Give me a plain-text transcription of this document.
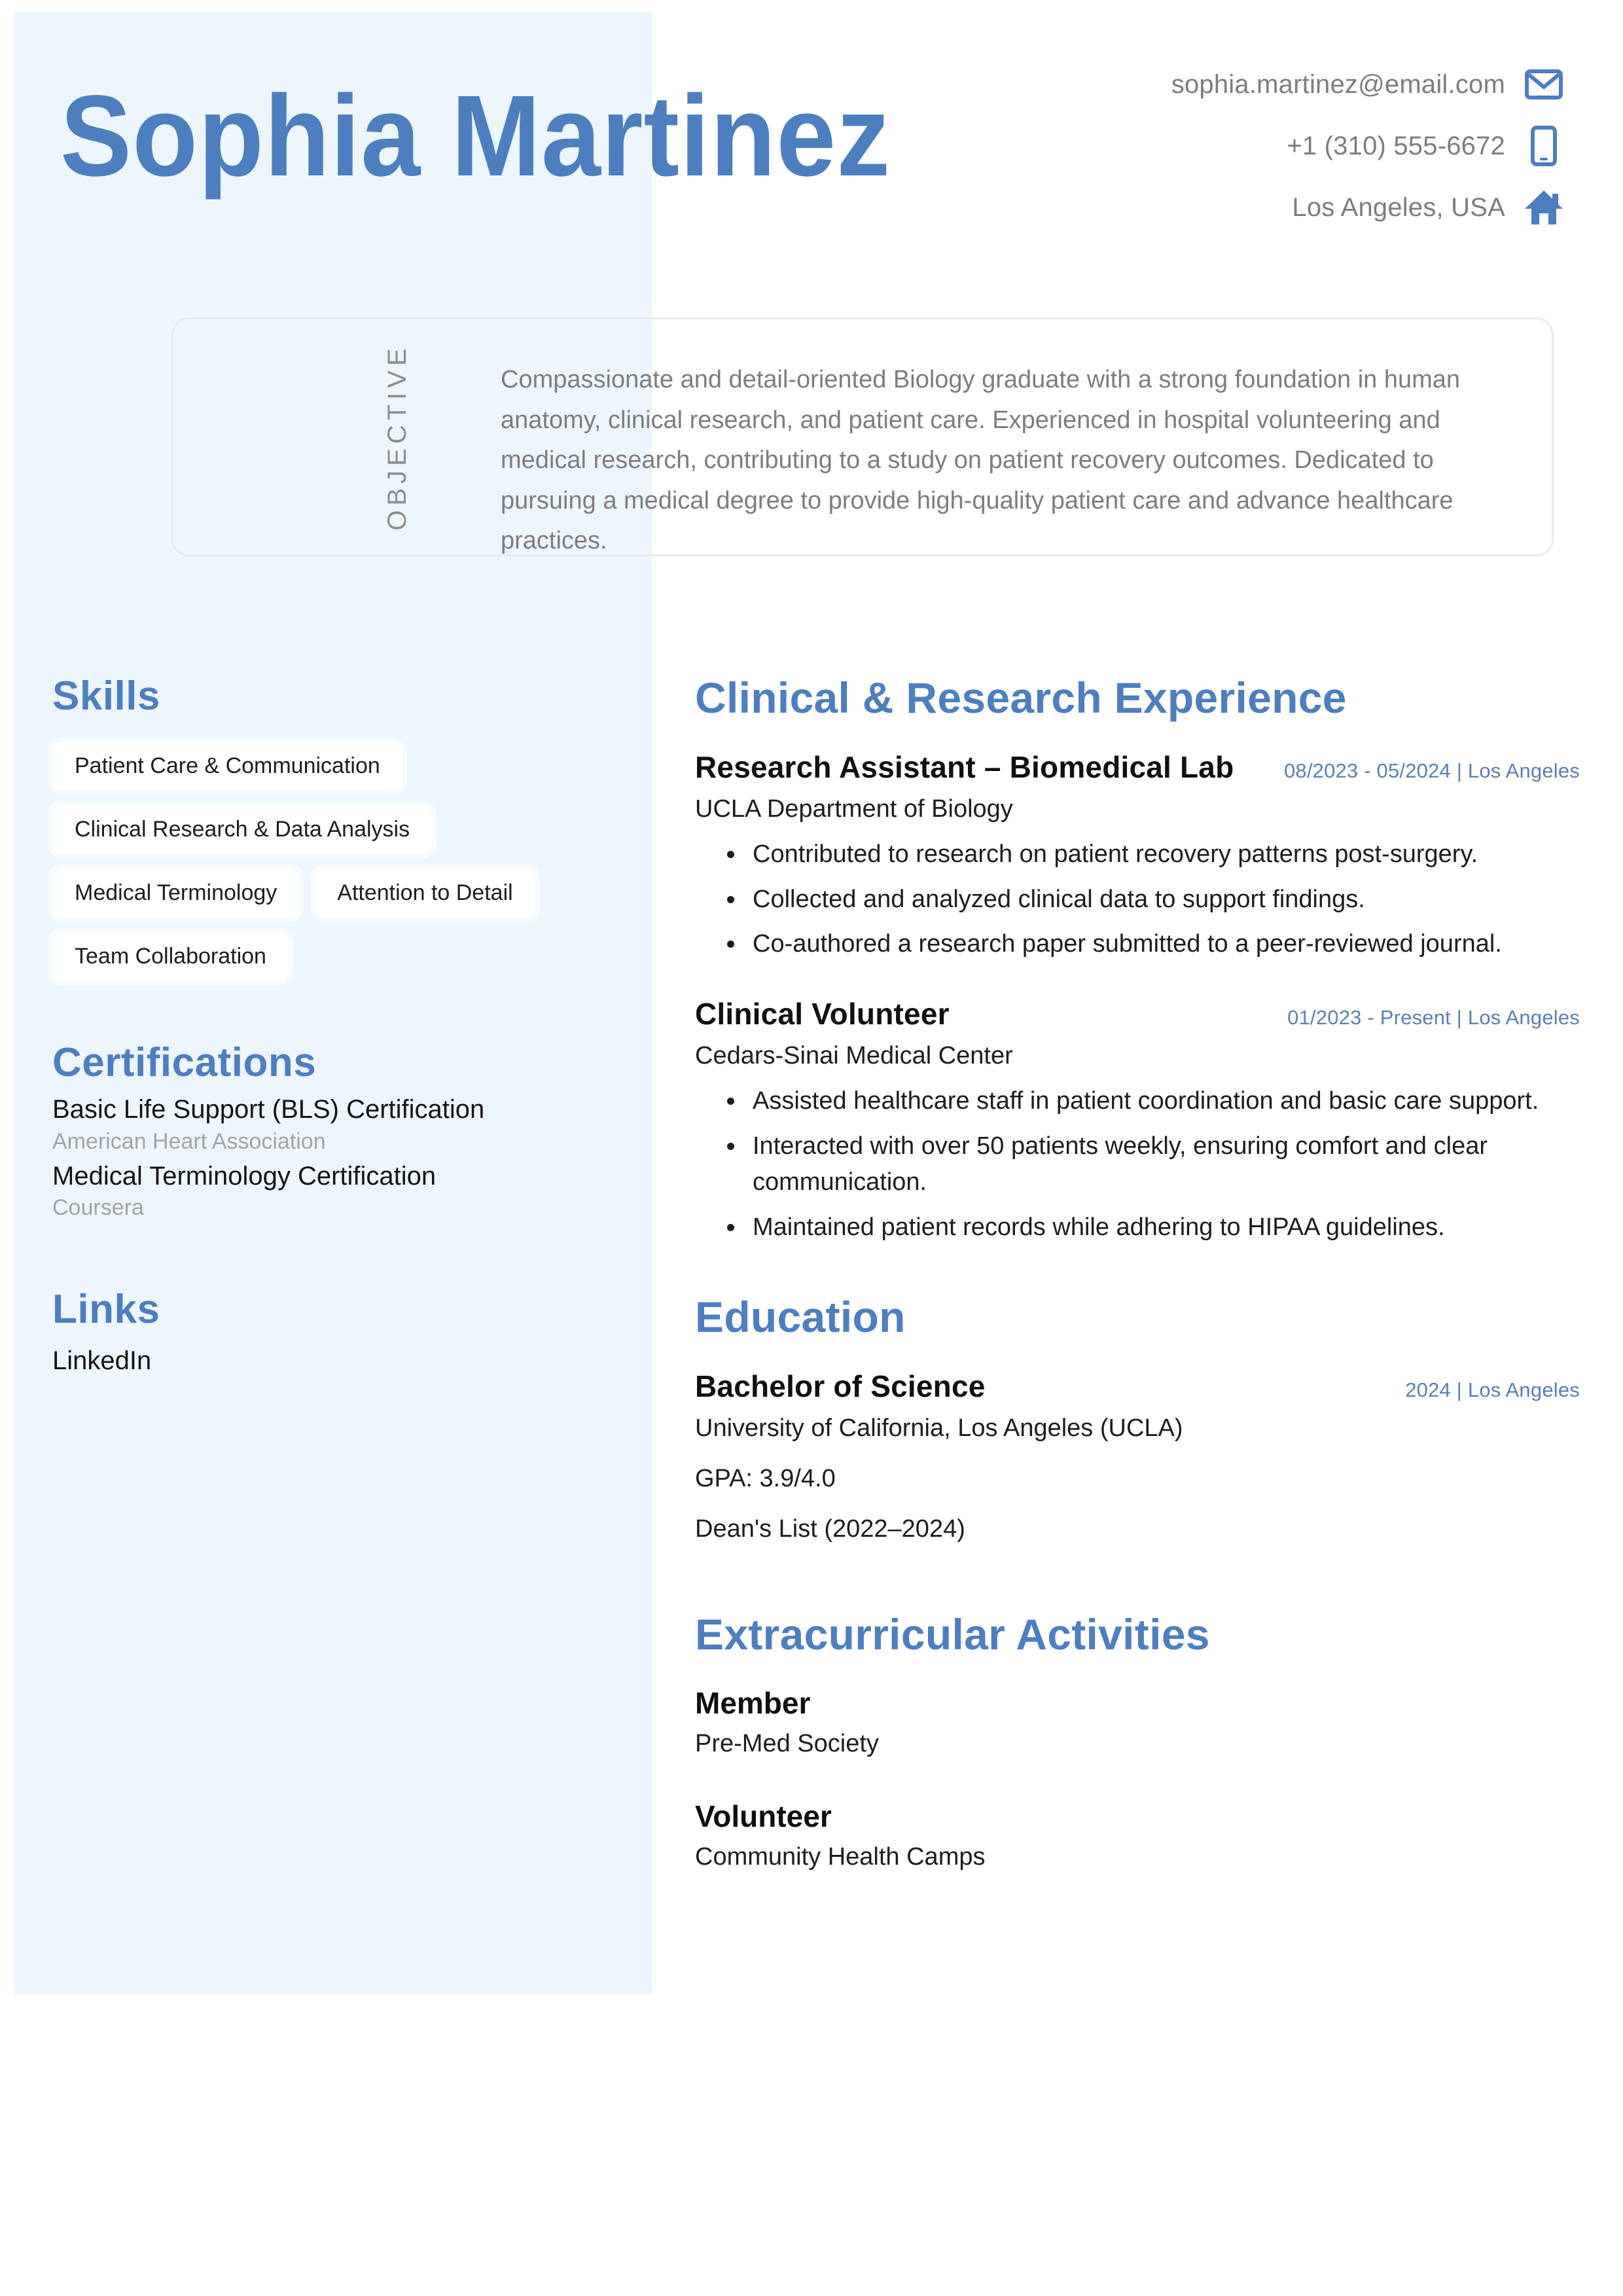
Sophia Martinez	sophia.martinez@email.com
+1 (310) 555-6672
Los Angeles, USA
OBJECTIVE	Compassionate and detail-oriented Biology graduate with a strong foundation in human anatomy, clinical research, and patient care. Experienced in hospital volunteering and medical research, contributing to a study on patient recovery outcomes. Dedicated to pursuing a medical degree to provide high-quality patient care and advance healthcare practices.
Skills
Patient Care & Communication
Clinical Research & Data Analysis
Medical Terminology	Attention to Detail
Team Collaboration
Certifications
Basic Life Support (BLS) Certification
American Heart Association
Medical Terminology Certification
Coursera
Links
LinkedIn
Clinical & Research Experience
Research Assistant – Biomedical Lab 08/2023 - 05/2024 | Los Angeles
UCLA Department of Biology
• Contributed to research on patient recovery patterns post-surgery.
• Collected and analyzed clinical data to support findings.
• Co-authored a research paper submitted to a peer-reviewed journal.
Clinical Volunteer	01/2023 - Present | Los Angeles
Cedars-Sinai Medical Center
• Assisted healthcare staff in patient coordination and basic care support.
• Interacted with over 50 patients weekly, ensuring comfort and clear communication.
• Maintained patient records while adhering to HIPAA guidelines.
Education
Bachelor of Science	2024 | Los Angeles
University of California, Los Angeles (UCLA)
GPA: 3.9/4.0
Dean's List (2022–2024)
Extracurricular Activities
Member
Pre-Med Society
Volunteer
Community Health Camps
